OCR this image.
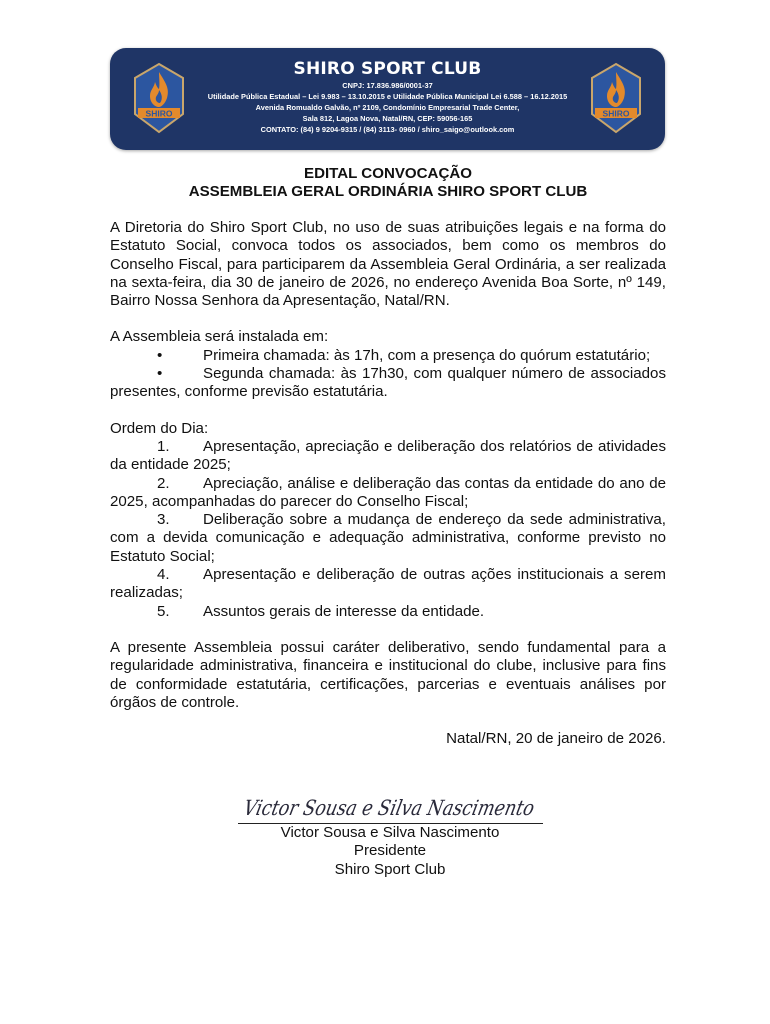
SHIRO
SHIRO SPORT CLUB
CNPJ: 17.836.986/0001-37
Utilidade Pública Estadual – Lei 9.983 – 13.10.2015 e Utilidade Pública Municipal Lei 6.588 – 16.12.2015
Avenida Romualdo Galvão, nº 2109, Condomínio Empresarial Trade Center,
Sala 812, Lagoa Nova, Natal/RN, CEP: 59056-165
CONTATO: (84) 9 9204-9315 / (84) 3113- 0960 / shiro_saigo@outlook.com
SHIRO
EDITAL CONVOCAÇÃO
ASSEMBLEIA GERAL ORDINÁRIA SHIRO SPORT CLUB

A Diretoria do Shiro Sport Club, no uso de suas atribuições legais e na forma do Estatuto Social, convoca todos os associados, bem como os membros do Conselho Fiscal, para participarem da Assembleia Geral Ordinária, a ser realizada na sexta-feira, dia 30 de janeiro de 2026, no endereço Avenida Boa Sorte, nº 149, Bairro Nossa Senhora da Apresentação, Natal/RN.

A Assembleia será instalada em:
•	Primeira chamada: às 17h, com a presença do quórum estatutário;
•	Segunda chamada: às 17h30, com qualquer número de associados presentes, conforme previsão estatutária.
Ordem do Dia:
1. Apresentação, apreciação e deliberação dos relatórios de atividades da entidade 2025;
2. Apreciação, análise e deliberação das contas da entidade do ano de 2025, acompanhadas do parecer do Conselho Fiscal;
3. Deliberação sobre a mudança de endereço da sede administrativa, com a devida comunicação e adequação administrativa, conforme previsto no Estatuto Social;
4. Apresentação e deliberação de outras ações institucionais a serem realizadas;
5. Assuntos gerais de interesse da entidade.

A presente Assembleia possui caráter deliberativo, sendo fundamental para a regularidade administrativa, financeira e institucional do clube, inclusive para fins de conformidade estatutária, certificações, parcerias e eventuais análises por órgãos de controle.

Natal/RN, 20 de janeiro de 2026.
Victor Sousa e Silva Nascimento
Victor Sousa e Silva Nascimento
Presidente
Shiro Sport Club
